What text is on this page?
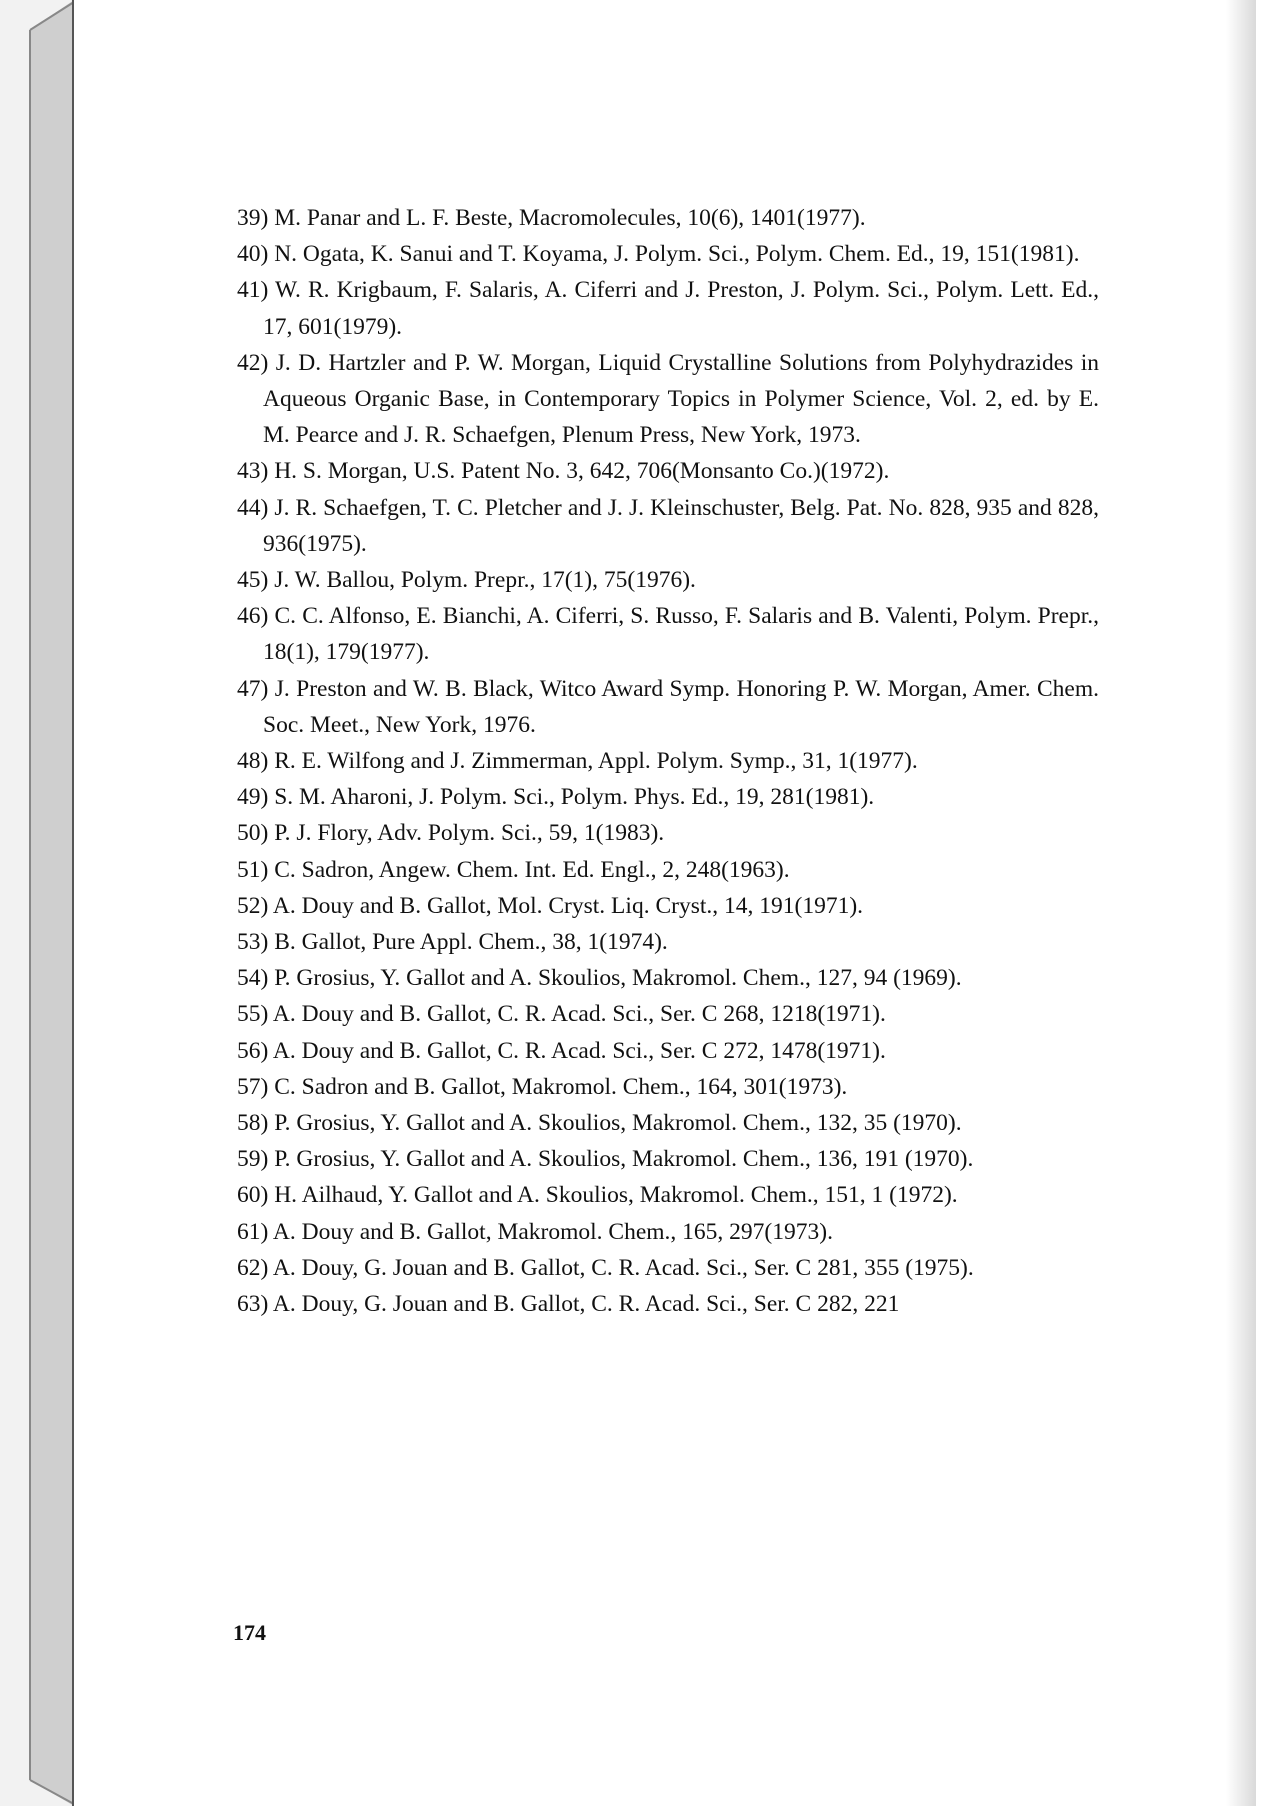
39) M. Panar and L. F. Beste, Macromolecules, 10(6), 1401(1977).

40) N. Ogata, K. Sanui and T. Koyama, J. Polym. Sci., Polym. Chem. Ed., 19, 151(1981).

41) W. R. Krigbaum, F. Salaris, A. Ciferri and J. Preston, J. Polym. Sci., Polym. Lett. Ed., 17, 601(1979).

42) J. D. Hartzler and P. W. Morgan, Liquid Crystalline Solutions from Polyhydrazides in Aqueous Organic Base, in Contemporary Topics in Polymer Science, Vol. 2, ed. by E. M. Pearce and J. R. Schaefgen, Plenum Press, New York, 1973.

43) H. S. Morgan, U.S. Patent No. 3, 642, 706(Monsanto Co.)(1972).

44) J. R. Schaefgen, T. C. Pletcher and J. J. Kleinschuster, Belg. Pat. No. 828, 935 and 828, 936(1975).

45) J. W. Ballou, Polym. Prepr., 17(1), 75(1976).

46) C. C. Alfonso, E. Bianchi, A. Ciferri, S. Russo, F. Salaris and B. Valenti, Polym. Prepr., 18(1), 179(1977).

47) J. Preston and W. B. Black, Witco Award Symp. Honoring P. W. Morgan, Amer. Chem. Soc. Meet., New York, 1976.

48) R. E. Wilfong and J. Zimmerman, Appl. Polym. Symp., 31, 1(1977).

49) S. M. Aharoni, J. Polym. Sci., Polym. Phys. Ed., 19, 281(1981).

50) P. J. Flory, Adv. Polym. Sci., 59, 1(1983).

51) C. Sadron, Angew. Chem. Int. Ed. Engl., 2, 248(1963).

52) A. Douy and B. Gallot, Mol. Cryst. Liq. Cryst., 14, 191(1971).

53) B. Gallot, Pure Appl. Chem., 38, 1(1974).

54) P. Grosius, Y. Gallot and A. Skoulios, Makromol. Chem., 127, 94 (1969).

55) A. Douy and B. Gallot, C. R. Acad. Sci., Ser. C 268, 1218(1971).

56) A. Douy and B. Gallot, C. R. Acad. Sci., Ser. C 272, 1478(1971).

57) C. Sadron and B. Gallot, Makromol. Chem., 164, 301(1973).

58) P. Grosius, Y. Gallot and A. Skoulios, Makromol. Chem., 132, 35 (1970).

59) P. Grosius, Y. Gallot and A. Skoulios, Makromol. Chem., 136, 191 (1970).

60) H. Ailhaud, Y. Gallot and A. Skoulios, Makromol. Chem., 151, 1 (1972).

61) A. Douy and B. Gallot, Makromol. Chem., 165, 297(1973).

62) A. Douy, G. Jouan and B. Gallot, C. R. Acad. Sci., Ser. C 281, 355 (1975).

63) A. Douy, G. Jouan and B. Gallot, C. R. Acad. Sci., Ser. C 282, 221

174
